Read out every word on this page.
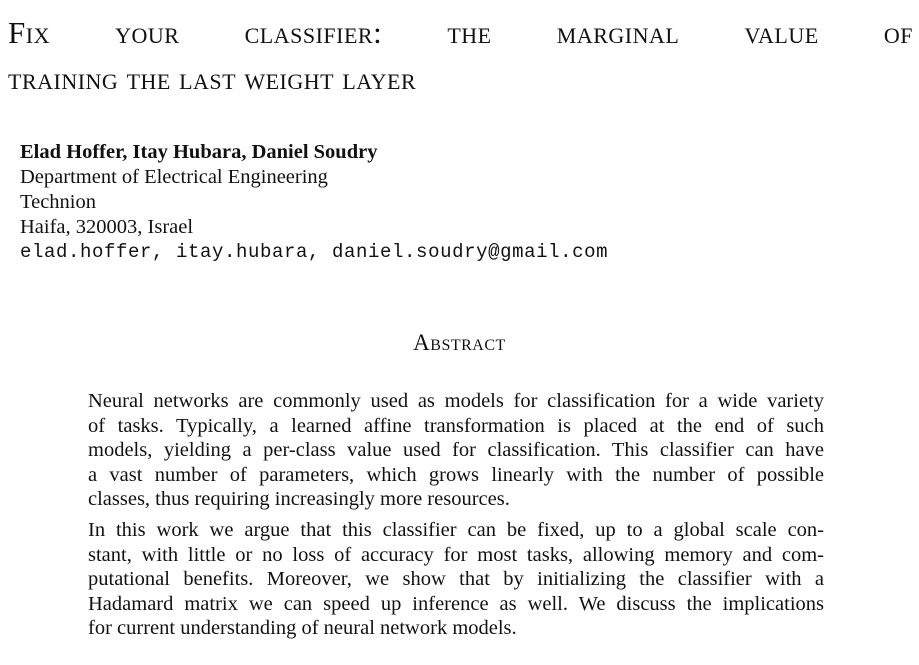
Fix your classifier: the marginal value of
training the last weight layer
Elad Hoffer, Itay Hubara, Daniel Soudry
Department of Electrical Engineering
Technion
Haifa, 320003, Israel
elad.hoffer, itay.hubara, daniel.soudry@gmail.com
Abstract

Neural networks are commonly used as models for classification for a wide variety
of tasks. Typically, a learned affine transformation is placed at the end of such
models, yielding a per-class value used for classification. This classifier can have
a vast number of parameters, which grows linearly with the number of possible
classes, thus requiring increasingly more resources.

In this work we argue that this classifier can be fixed, up to a global scale con-
stant, with little or no loss of accuracy for most tasks, allowing memory and com-
putational benefits. Moreover, we show that by initializing the classifier with a
Hadamard matrix we can speed up inference as well. We discuss the implications
for current understanding of neural network models.
